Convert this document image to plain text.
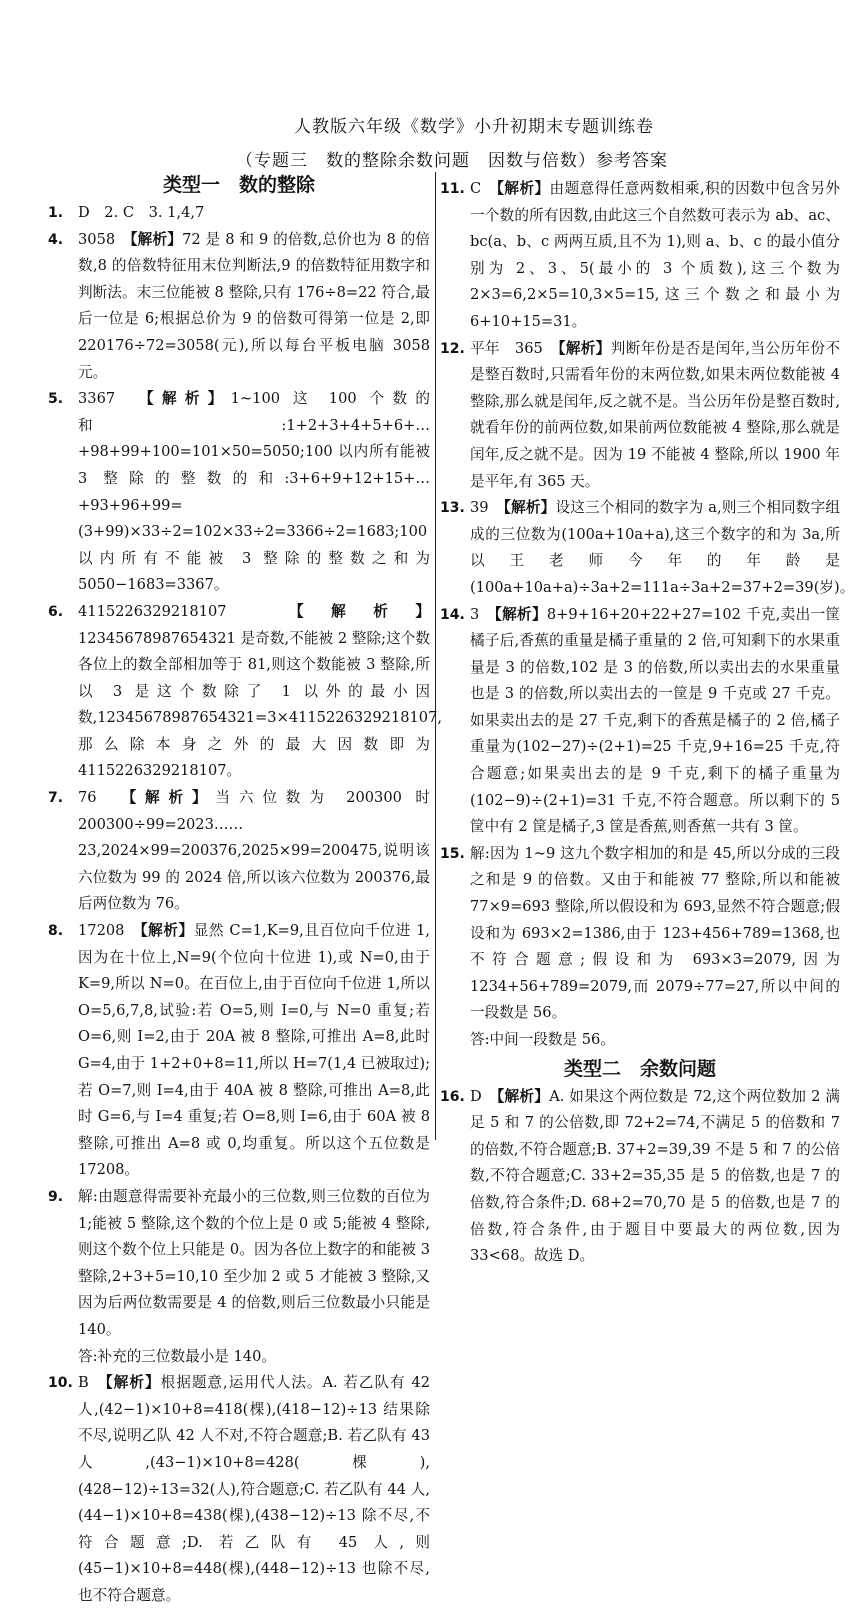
人教版六年级《数学》小升初期末专题训练卷
（专题三　数的整除余数问题　因数与倍数）参考答案

类型一　数的整除

1. D　2. C　3. 1,4,7

4. 3058　 【解析】72 是 8 和 9 的倍数,总价也为 8 的倍数,8 的倍数特征用末位判断法,9 的倍数特征用数字和判断法。末三位能被 8 整除,只有 176÷8=22 符合,最后一位是 6;根据总价为 9 的倍数可得第一位是 2,即 220176÷72=3058(元),所以每台平板电脑 3058 元。

5. 3367　 【解析】1~100 这 100 个数的和:1+2+3+4+5+6+…+98+99+100=101×50=5050;100 以内所有能被 3 整除的整数的和:3+6+9+12+15+…+93+96+99=(3+99)×33÷2=102×33÷2=3366÷2=1683;100 以内所有不能被 3 整除的整数之和为 5050−1683=3367。

6. 4115226329218107　	【解析】12345678987654321 是奇数,不能被 2 整除;这个数各位上的数全部相加等于 81,则这个数能被 3 整除,所以 3 是这个数除了 1 以外的最小因数,12345678987654321=3×4115226329218107,那么除本身之外的最大因数即为 4115226329218107。

7. 76　 【解析】当六位数为 200300 时 200300÷99=2023……23,2024×99=200376,2025×99=200475,说明该六位数为 99 的 2024 倍,所以该六位数为 200376,最后两位数为 76。

8. 17208　 【解析】显然 C=1,K=9,且百位向千位进 1,因为在十位上,N=9(个位向十位进 1),或 N=0,由于 K=9,所以 N=0。在百位上,由于百位向千位进 1,所以 O=5,6,7,8,试验:若 O=5,则 I=0,与 N=0 重复;若 O=6,则 I=2,由于 20A 被 8 整除,可推出 A=8,此时 G=4,由于 1+2+0+8=11,所以 H=7(1,4 已被取过);若 O=7,则 I=4,由于 40A 被 8 整除,可推出 A=8,此时 G=6,与 I=4 重复;若 O=8,则 I=6,由于 60A 被 8 整除,可推出 A=8 或 0,均重复。所以这个五位数是 17208。

9. 解:由题意得需要补充最小的三位数,则三位数的百位为 1;能被 5 整除,这个数的个位上是 0 或 5;能被 4 整除,则这个数个位上只能是 0。因为各位上数字的和能被 3 整除,2+3+5=10,10 至少加 2 或 5 才能被 3 整除,又因为后两位数需要是 4 的倍数,则后三位数最小只能是 140。

答:补充的三位数最小是 140。

10. B　 【解析】根据题意,运用代人法。A. 若乙队有 42 人,(42−1)×10+8=418(棵),(418−12)÷13 结果除不尽,说明乙队 42 人不对,不符合题意;B. 若乙队有 43 人,(43−1)×10+8=428(棵),(428−12)÷13=32(人),符合题意;C. 若乙队有 44 人,(44−1)×10+8=438(棵),(438−12)÷13 除不尽,不符合题意;D. 若乙队有 45 人,则(45−1)×10+8=448(棵),(448−12)÷13 也除不尽,也不符合题意。

11. C　 【解析】由题意得任意两数相乘,积的因数中包含另外一个数的所有因数,由此这三个自然数可表示为 ab、ac、bc(a、b、c 两两互质,且不为 1),则 a、b、c 的最小值分别为 2、3、5(最小的 3 个质数),这三个数为 2×3=6,2×5=10,3×5=15,这三个数之和最小为 6+10+15=31。

12. 平年　365　 【解析】判断年份是否是闰年,当公历年份不是整百数时,只需看年份的末两位数,如果末两位数能被 4 整除,那么就是闰年,反之就不是。当公历年份是整百数时,就看年份的前两位数,如果前两位数能被 4 整除,那么就是闰年,反之就不是。因为 19 不能被 4 整除,所以 1900 年是平年,有 365 天。

13. 39　 【解析】设这三个相同的数字为 a,则三个相同数字组成的三位数为(100a+10a+a),这三个数字的和为 3a,所以王老师今年的年龄是(100a+10a+a)÷3a+2=111a÷3a+2=37+2=39(岁)。

14. 3　 【解析】8+9+16+20+22+27=102 千克,卖出一筐橘子后,香蕉的重量是橘子重量的 2 倍,可知剩下的水果重量是 3 的倍数,102 是 3 的倍数,所以卖出去的水果重量也是 3 的倍数,所以卖出去的一筐是 9 千克或 27 千克。如果卖出去的是 27 千克,剩下的香蕉是橘子的 2 倍,橘子重量为(102−27)÷(2+1)=25 千克,9+16=25 千克,符合题意;如果卖出去的是 9 千克,剩下的橘子重量为(102−9)÷(2+1)=31 千克,不符合题意。所以剩下的 5 筐中有 2 筐是橘子,3 筐是香蕉,则香蕉一共有 3 筐。

15. 解:因为 1~9 这九个数字相加的和是 45,所以分成的三段之和是 9 的倍数。又由于和能被 77 整除,所以和能被 77×9=693 整除,所以假设和为 693,显然不符合题意;假设和为 693×2=1386,由于 123+456+789=1368,也不符合题意;假设和为 693×3=2079,因为 1234+56+789=2079,而 2079÷77=27,所以中间的一段数是 56。

答:中间一段数是 56。

类型二　余数问题

16. D　 【解析】A. 如果这个两位数是 72,这个两位数加 2 满足 5 和 7 的公倍数,即 72+2=74,不满足 5 的倍数和 7 的倍数,不符合题意;B. 37+2=39,39 不是 5 和 7 的公倍数,不符合题意;C. 33+2=35,35 是 5 的倍数,也是 7 的倍数,符合条件;D. 68+2=70,70 是 5 的倍数,也是 7 的倍数,符合条件,由于题目中要最大的两位数,因为 33<68。故选 D。
